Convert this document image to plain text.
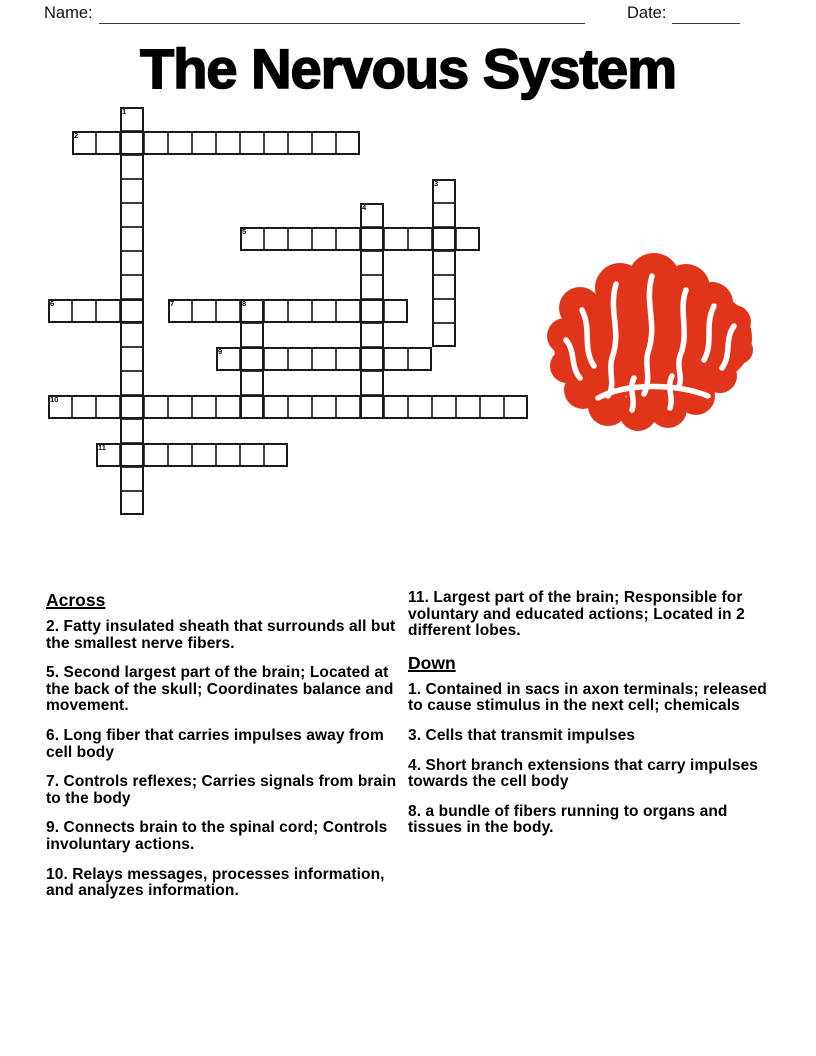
Name:	Date:
The Nervous System
1
2
3
4
5
6	7	8
9
10
11
Across

2. Fatty insulated sheath that surrounds all but the smallest nerve fibers.

5. Second largest part of the brain; Located at the back of the skull; Coordinates balance and movement.

6. Long fiber that carries impulses away from cell body

7. Controls reflexes; Carries signals from brain to the body

9. Connects brain to the spinal cord; Controls involuntary actions.

10. Relays messages, processes information, and analyzes information.

11. Largest part of the brain; Responsible for voluntary and educated actions; Located in 2 different lobes.

Down

1. Contained in sacs in axon terminals; released to cause stimulus in the next cell; chemicals

3. Cells that transmit impulses

4. Short branch extensions that carry impulses towards the cell body

8. a bundle of fibers running to organs and tissues in the body.
